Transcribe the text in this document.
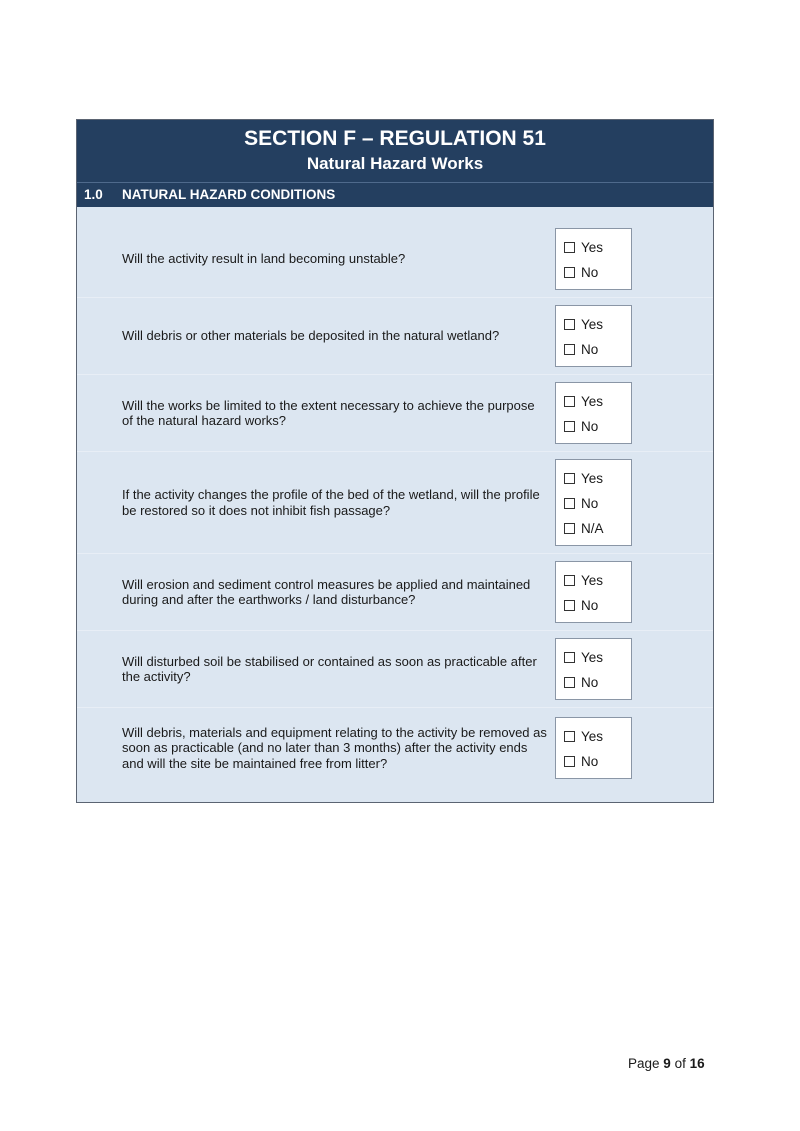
SECTION F – REGULATION 51
Natural Hazard Works
1.0	NATURAL HAZARD CONDITIONS
Will the activity result in land becoming unstable?
Yes
No
Will debris or other materials be deposited in the natural wetland?
Yes
No
Will the works be limited to the extent necessary to achieve the purpose of the natural hazard works?
Yes
No
If the activity changes the profile of the bed of the wetland, will the profile be restored so it does not inhibit fish passage?
Yes
No
N/A
Will erosion and sediment control measures be applied and maintained during and after the earthworks / land disturbance?
Yes
No
Will disturbed soil be stabilised or contained as soon as practicable after the activity?
Yes
No
Will debris, materials and equipment relating to the activity be removed as soon as practicable (and no later than 3 months) after the activity ends and will the site be maintained free from litter?
Yes
No
Page 9 of 16
